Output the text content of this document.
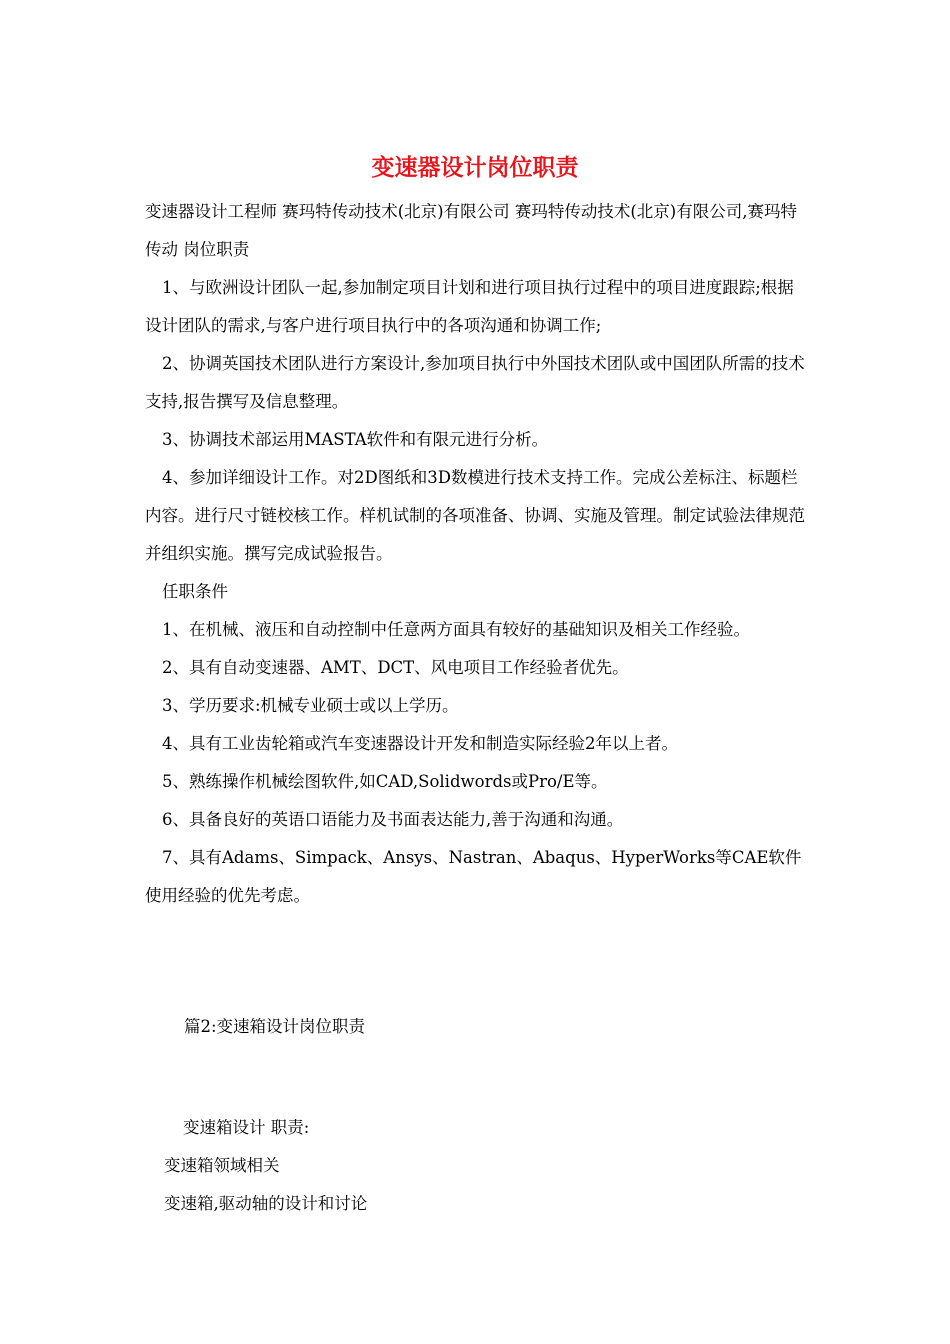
变速器设计岗位职责

变速器设计工程师 赛玛特传动技术(北京)有限公司 赛玛特传动技术(北京)有限公司,赛玛特传动 岗位职责

1、与欧洲设计团队一起,参加制定项目计划和进行项目执行过程中的项目进度跟踪;根据设计团队的需求,与客户进行项目执行中的各项沟通和协调工作;

2、协调英国技术团队进行方案设计,参加项目执行中外国技术团队或中国团队所需的技术支持,报告撰写及信息整理。

3、协调技术部运用MASTA软件和有限元进行分析。

4、参加详细设计工作。对2D图纸和3D数模进行技术支持工作。完成公差标注、标题栏内容。进行尺寸链校核工作。样机试制的各项准备、协调、实施及管理。制定试验法律规范并组织实施。撰写完成试验报告。

任职条件

1、在机械、液压和自动控制中任意两方面具有较好的基础知识及相关工作经验。

2、具有自动变速器、AMT、DCT、风电项目工作经验者优先。

3、学历要求:机械专业硕士或以上学历。

4、具有工业齿轮箱或汽车变速器设计开发和制造实际经验2年以上者。

5、熟练操作机械绘图软件,如CAD,Solidwords或Pro/E等。

6、具备良好的英语口语能力及书面表达能力,善于沟通和沟通。

7、具有Adams、Simpack、Ansys、Nastran、Abaqus、HyperWorks等CAE软件使用经验的优先考虑。

篇2:变速箱设计岗位职责

变速箱设计 职责:

变速箱领域相关

变速箱,驱动轴的设计和讨论
